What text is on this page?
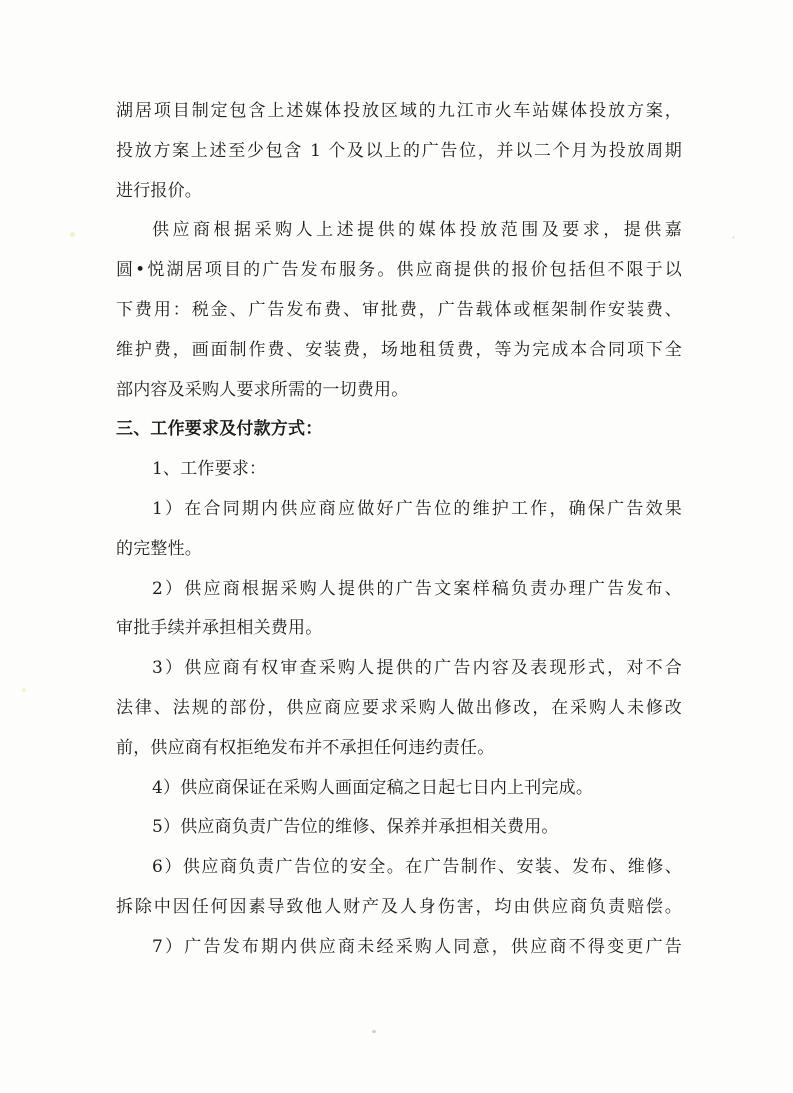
湖居项目制定包含上述媒体投放区域的九江市火车站媒体投放方案，
投放方案上述至少包含 1 个及以上的广告位，并以二个月为投放周期
进行报价。
供应商根据采购人上述提供的媒体投放范围及要求，提供嘉
圆•悦湖居项目的广告发布服务。供应商提供的报价包括但不限于以
下费用：税金、广告发布费、审批费，广告载体或框架制作安装费、
维护费，画面制作费、安装费，场地租赁费，等为完成本合同项下全
部内容及采购人要求所需的一切费用。
三、工作要求及付款方式：
1、工作要求：
1）在合同期内供应商应做好广告位的维护工作，确保广告效果
的完整性。
2）供应商根据采购人提供的广告文案样稿负责办理广告发布、
审批手续并承担相关费用。
3）供应商有权审查采购人提供的广告内容及表现形式，对不合
法律、法规的部份，供应商应要求采购人做出修改，在采购人未修改
前，供应商有权拒绝发布并不承担任何违约责任。
4）供应商保证在采购人画面定稿之日起七日内上刊完成。
5）供应商负责广告位的维修、保养并承担相关费用。
6）供应商负责广告位的安全。在广告制作、安装、发布、维修、
拆除中因任何因素导致他人财产及人身伤害，均由供应商负责赔偿。
7）广告发布期内供应商未经采购人同意，供应商不得变更广告
